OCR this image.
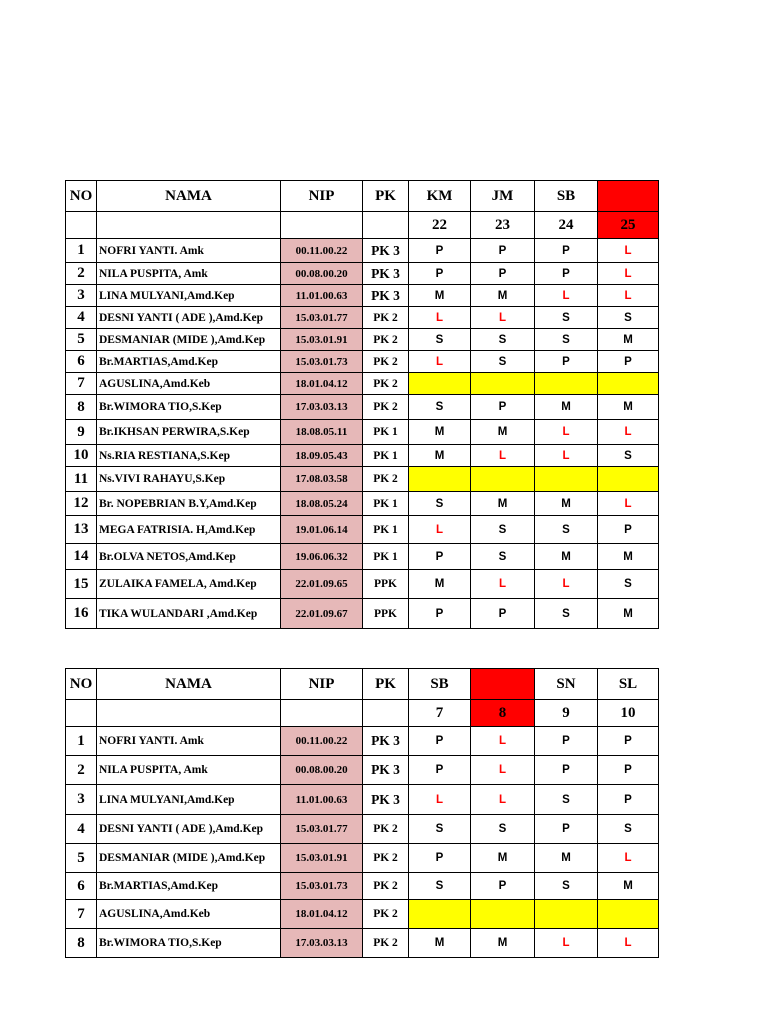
NO	NAMA	NIP	PK	KM	JM	SB	MG
				22	23	24	25
1	NOFRI YANTI. Amk	00.11.00.22	PK 3	P	P	P	L
2	NILA PUSPITA, Amk	00.08.00.20	PK 3	P	P	P	L
3	LINA MULYANI,Amd.Kep	11.01.00.63	PK 3	M	M	L	L
4	DESNI YANTI ( ADE ),Amd.Kep	15.03.01.77	PK 2	L	L	S	S
5	DESMANIAR (MIDE ),Amd.Kep	15.03.01.91	PK 2	S	S	S	M
6	Br.MARTIAS,Amd.Kep	15.03.01.73	PK 2	L	S	P	P
7	AGUSLINA,Amd.Keb	18.01.04.12	PK 2				
8	Br.WIMORA TIO,S.Kep	17.03.03.13	PK 2	S	P	M	M
9	Br.IKHSAN PERWIRA,S.Kep	18.08.05.11	PK 1	M	M	L	L
10	Ns.RIA RESTIANA,S.Kep	18.09.05.43	PK 1	M	L	L	S
11	Ns.VIVI RAHAYU,S.Kep	17.08.03.58	PK 2				
12	Br. NOPEBRIAN B.Y,Amd.Kep	18.08.05.24	PK 1	S	M	M	L
13	MEGA FATRISIA. H,Amd.Kep	19.01.06.14	PK 1	L	S	S	P
14	Br.OLVA NETOS,Amd.Kep	19.06.06.32	PK 1	P	S	M	M
15	ZULAIKA FAMELA, Amd.Kep	22.01.09.65	PPK	M	L	L	S
16	TIKA WULANDARI ,Amd.Kep	22.01.09.67	PPK	P	P	S	M
NO	NAMA	NIP	PK	SB	MG	SN	SL
				7	8	9	10
1	NOFRI YANTI. Amk	00.11.00.22	PK 3	P	L	P	P
2	NILA PUSPITA, Amk	00.08.00.20	PK 3	P	L	P	P
3	LINA MULYANI,Amd.Kep	11.01.00.63	PK 3	L	L	S	P
4	DESNI YANTI ( ADE ),Amd.Kep	15.03.01.77	PK 2	S	S	P	S
5	DESMANIAR (MIDE ),Amd.Kep	15.03.01.91	PK 2	P	M	M	L
6	Br.MARTIAS,Amd.Kep	15.03.01.73	PK 2	S	P	S	M
7	AGUSLINA,Amd.Keb	18.01.04.12	PK 2				
8	Br.WIMORA TIO,S.Kep	17.03.03.13	PK 2	M	M	L	L
